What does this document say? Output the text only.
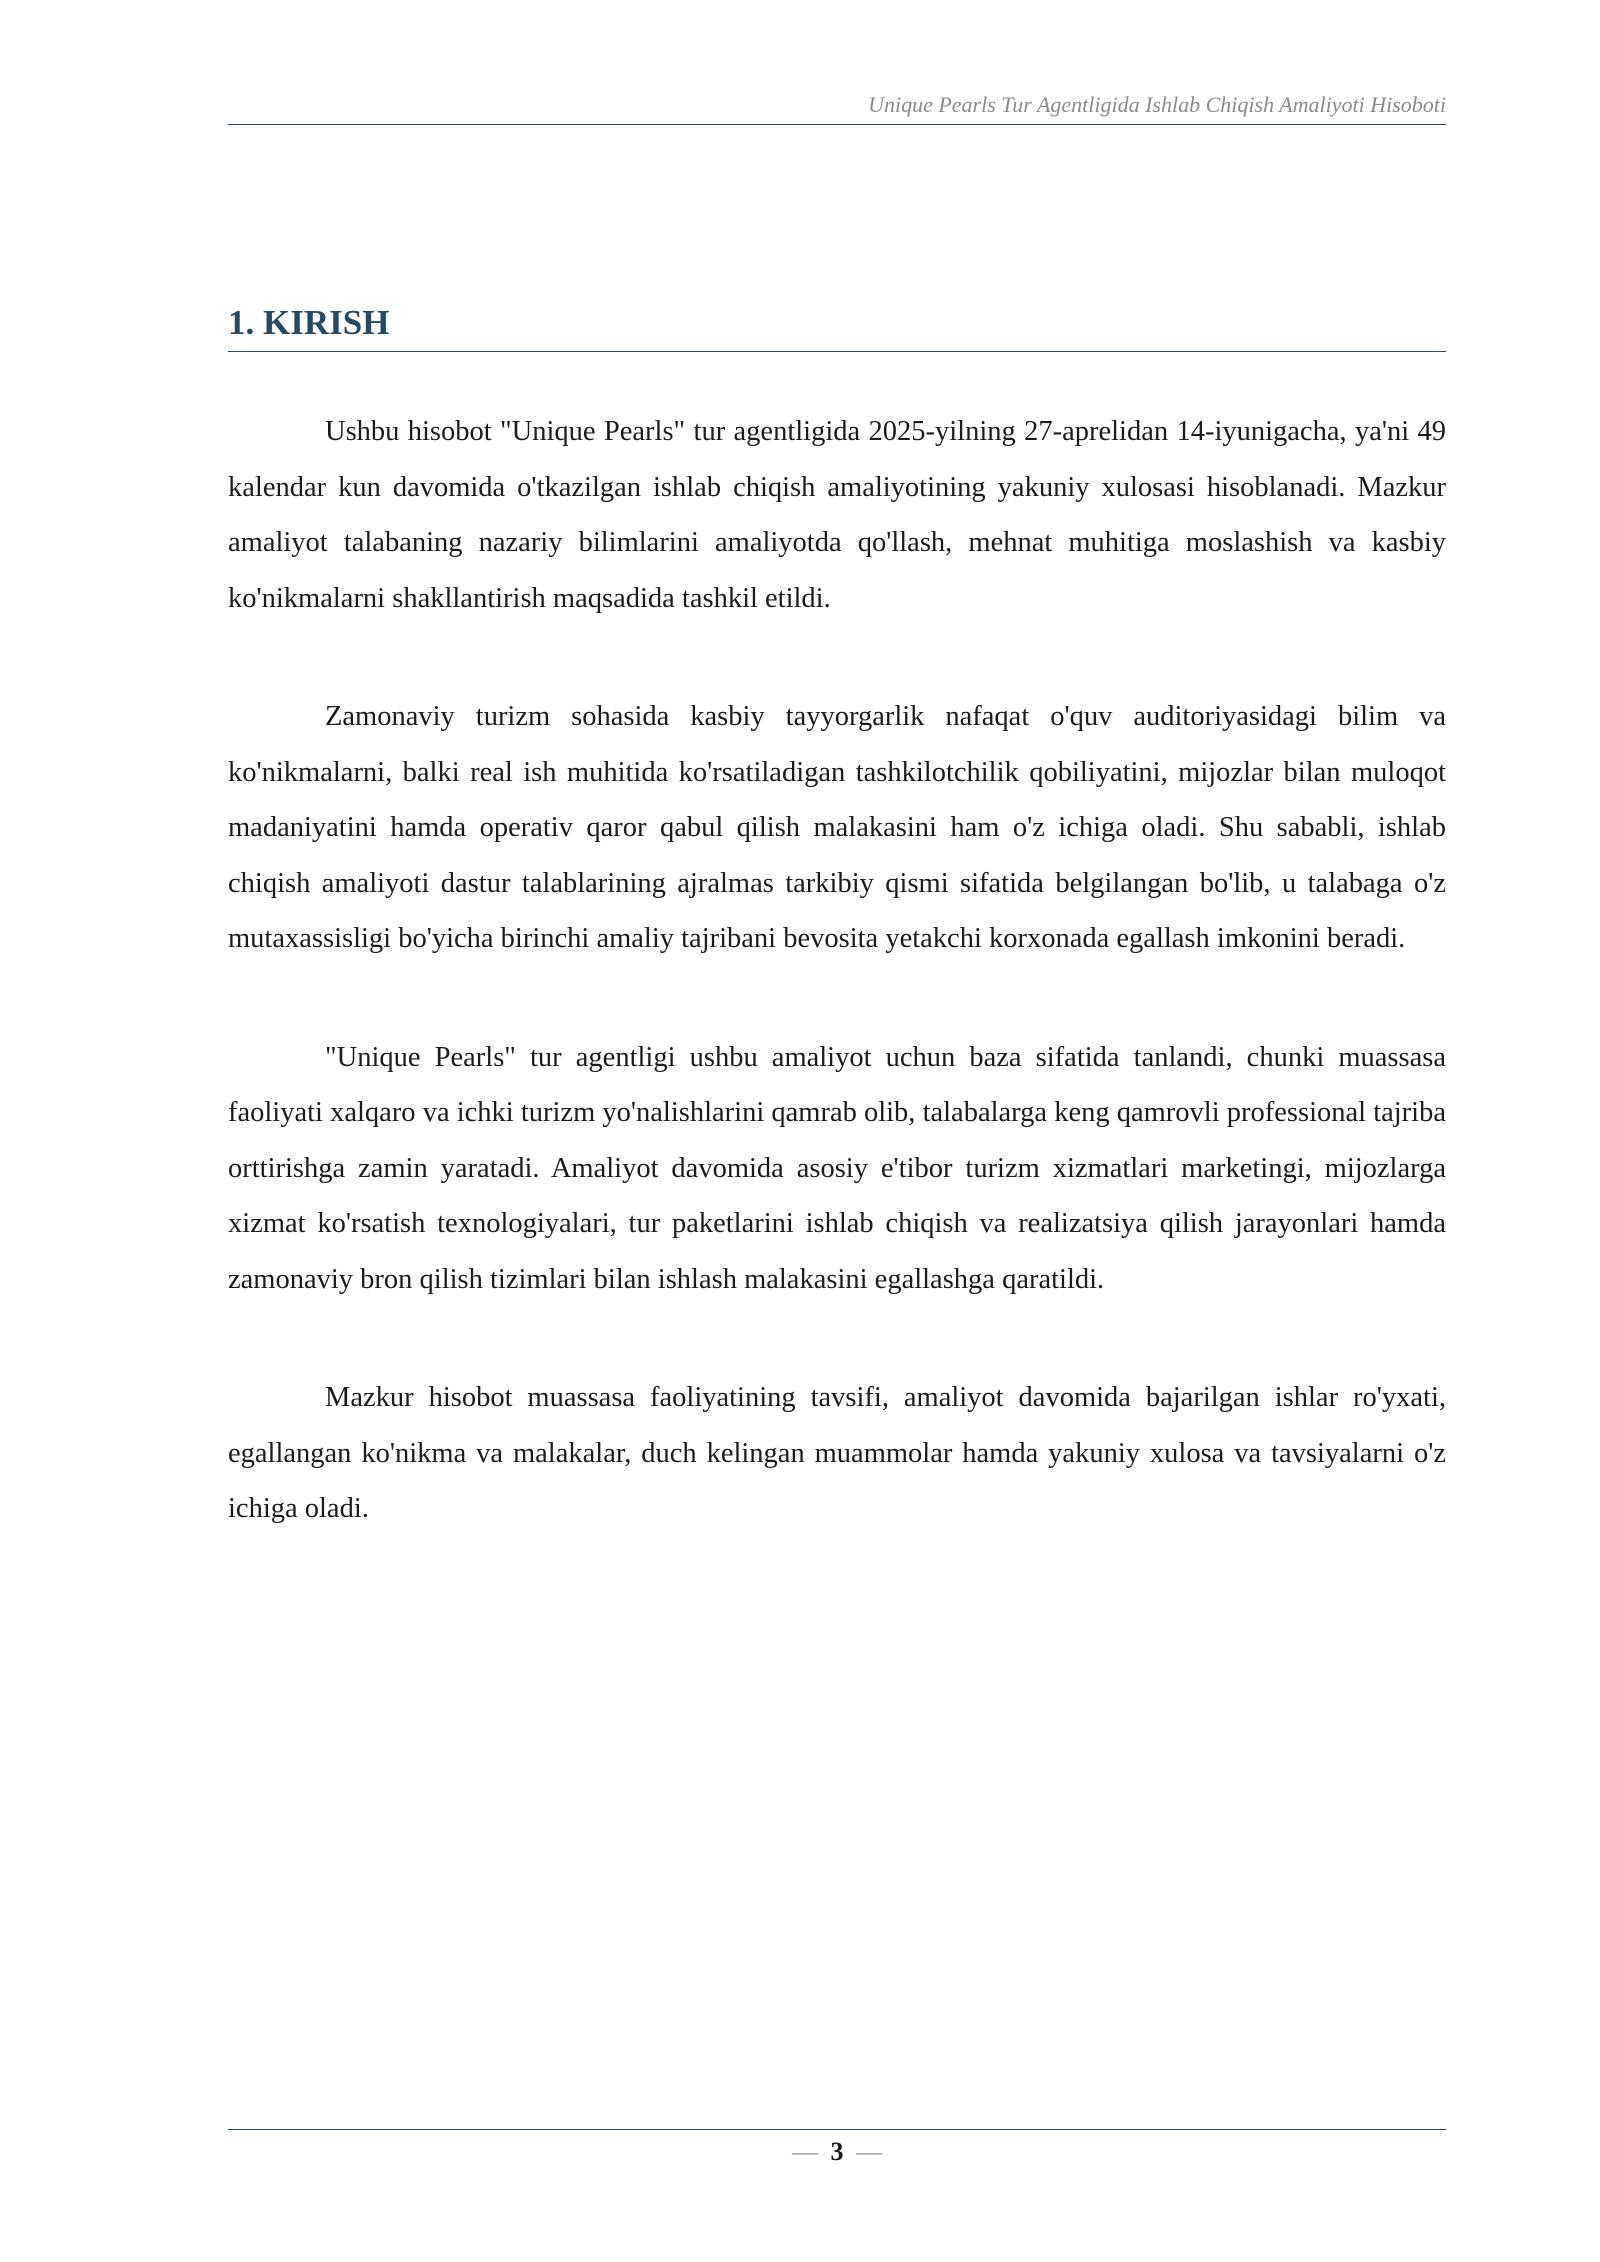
Unique Pearls Tur Agentligida Ishlab Chiqish Amaliyoti Hisoboti
1. KIRISH

Ushbu hisobot "Unique Pearls" tur agentligida 2025-yilning 27-aprelidan 14-iyunigacha, ya'ni 49 kalendar kun davomida o'tkazilgan ishlab chiqish amaliyotining yakuniy xulosasi hisoblanadi. Mazkur amaliyot talabaning nazariy bilimlarini amaliyotda qo'llash, mehnat muhitiga moslashish va kasbiy ko'nikmalarni shakllantirish maqsadida tashkil etildi.

Zamonaviy turizm sohasida kasbiy tayyorgarlik nafaqat o'quv auditoriyasidagi bilim va ko'nikmalarni, balki real ish muhitida ko'rsatiladigan tashkilotchilik qobiliyatini, mijozlar bilan muloqot madaniyatini hamda operativ qaror qabul qilish malakasini ham o'z ichiga oladi. Shu sababli, ishlab chiqish amaliyoti dastur talablarining ajralmas tarkibiy qismi sifatida belgilangan bo'lib, u talabaga o'z mutaxassisligi bo'yicha birinchi amaliy tajribani bevosita yetakchi korxonada egallash imkonini beradi.

"Unique Pearls" tur agentligi ushbu amaliyot uchun baza sifatida tanlandi, chunki muassasa faoliyati xalqaro va ichki turizm yo'nalishlarini qamrab olib, talabalarga keng qamrovli professional tajriba orttirishga zamin yaratadi. Amaliyot davomida asosiy e'tibor turizm xizmatlari marketingi, mijozlarga xizmat ko'rsatish texnologiyalari, tur paketlarini ishlab chiqish va realizatsiya qilish jarayonlari hamda zamonaviy bron qilish tizimlari bilan ishlash malakasini egallashga qaratildi.

Mazkur hisobot muassasa faoliyatining tavsifi, amaliyot davomida bajarilgan ishlar ro'yxati, egallangan ko'nikma va malakalar, duch kelingan muammolar hamda yakuniy xulosa va tavsiyalarni o'z ichiga oladi.

— 3 —
